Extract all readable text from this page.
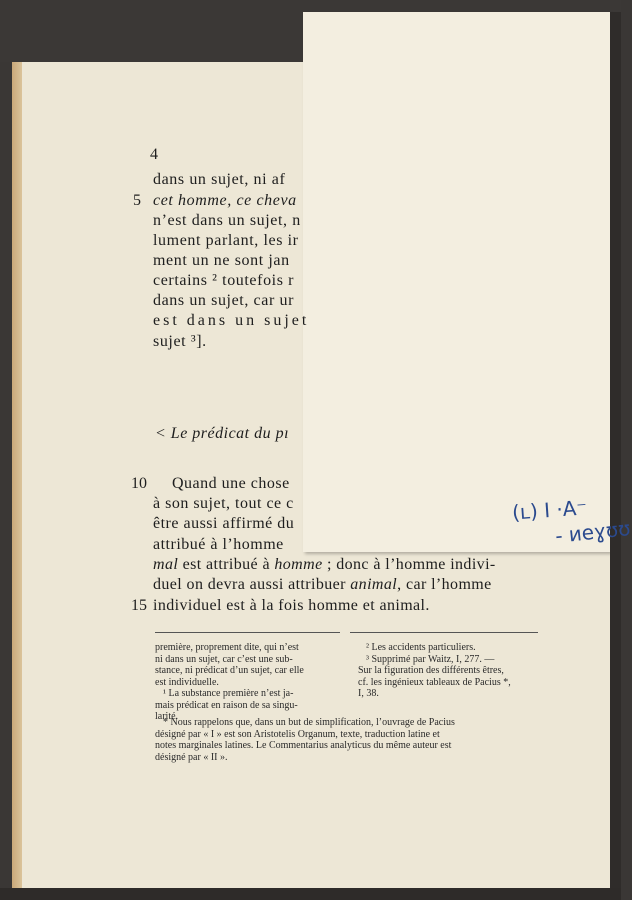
4
5
10
15
dans un sujet, ni af
cet homme, ce cheva
n’est dans un sujet, n
lument parlant, les ir
ment un ne sont jan
certains ² toutefois r
dans un sujet, car ur
est dans un sujet
sujet ³].
< Le prédicat du pı
Quand une chose
à son sujet, tout ce c
être aussi affirmé du
attribué à l’homme
mal est attribué à homme ; donc à l’homme indivi-
duel on devra aussi attribuer animal, car l’homme
individuel est à la fois homme et animal.
première, proprement dite, qui n’est
ni dans un sujet, car c’est une sub-
stance, ni prédicat d’un sujet, car elle
est individuelle.
¹ La substance première n’est ja-
mais prédicat en raison de sa singu-
larité.
² Les accidents particuliers.
³ Supprimé par Waitz, I, 277. —
Sur la figuration des différents êtres,
cf. les ingénieux tableaux de Pacius *,
I, 38.
* Nous rappelons que, dans un but de simplification, l’ouvrage de Pacius
désigné par « I » est son Aristotelis Organum, texte, traduction latine et
notes marginales latines. Le Commentarius analyticus du même auteur est
désigné par « II ».
(ʟ) I ·A⁻
- ᴎеɣʊʊ
